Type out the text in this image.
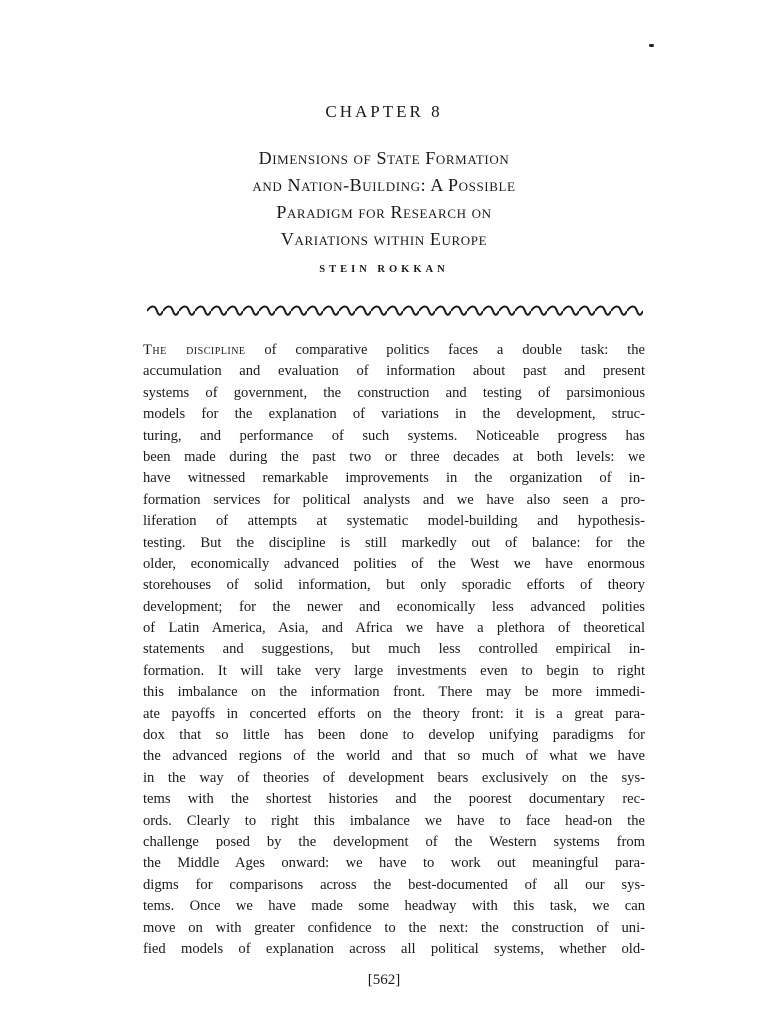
CHAPTER 8
Dimensions of State Formation
and Nation-Building: A Possible
Paradigm for Research on
Variations within Europe
STEIN ROKKAN
The discipline of comparative politics faces a double task: the
accumulation and evaluation of information about past and present
systems of government, the construction and testing of parsimonious
models for the explanation of variations in the development, struc-
turing, and performance of such systems. Noticeable progress has
been made during the past two or three decades at both levels: we
have witnessed remarkable improvements in the organization of in-
formation services for political analysts and we have also seen a pro-
liferation of attempts at systematic model-building and hypothesis-
testing. But the discipline is still markedly out of balance: for the
older, economically advanced polities of the West we have enormous
storehouses of solid information, but only sporadic efforts of theory
development; for the newer and economically less advanced polities
of Latin America, Asia, and Africa we have a plethora of theoretical
statements and suggestions, but much less controlled empirical in-
formation. It will take very large investments even to begin to right
this imbalance on the information front. There may be more immedi-
ate payoffs in concerted efforts on the theory front: it is a great para-
dox that so little has been done to develop unifying paradigms for
the advanced regions of the world and that so much of what we have
in the way of theories of development bears exclusively on the sys-
tems with the shortest histories and the poorest documentary rec-
ords. Clearly to right this imbalance we have to face head-on the
challenge posed by the development of the Western systems from
the Middle Ages onward: we have to work out meaningful para-
digms for comparisons across the best-documented of all our sys-
tems. Once we have made some headway with this task, we can
move on with greater confidence to the next: the construction of uni-
fied models of explanation across all political systems, whether old-
[562]
